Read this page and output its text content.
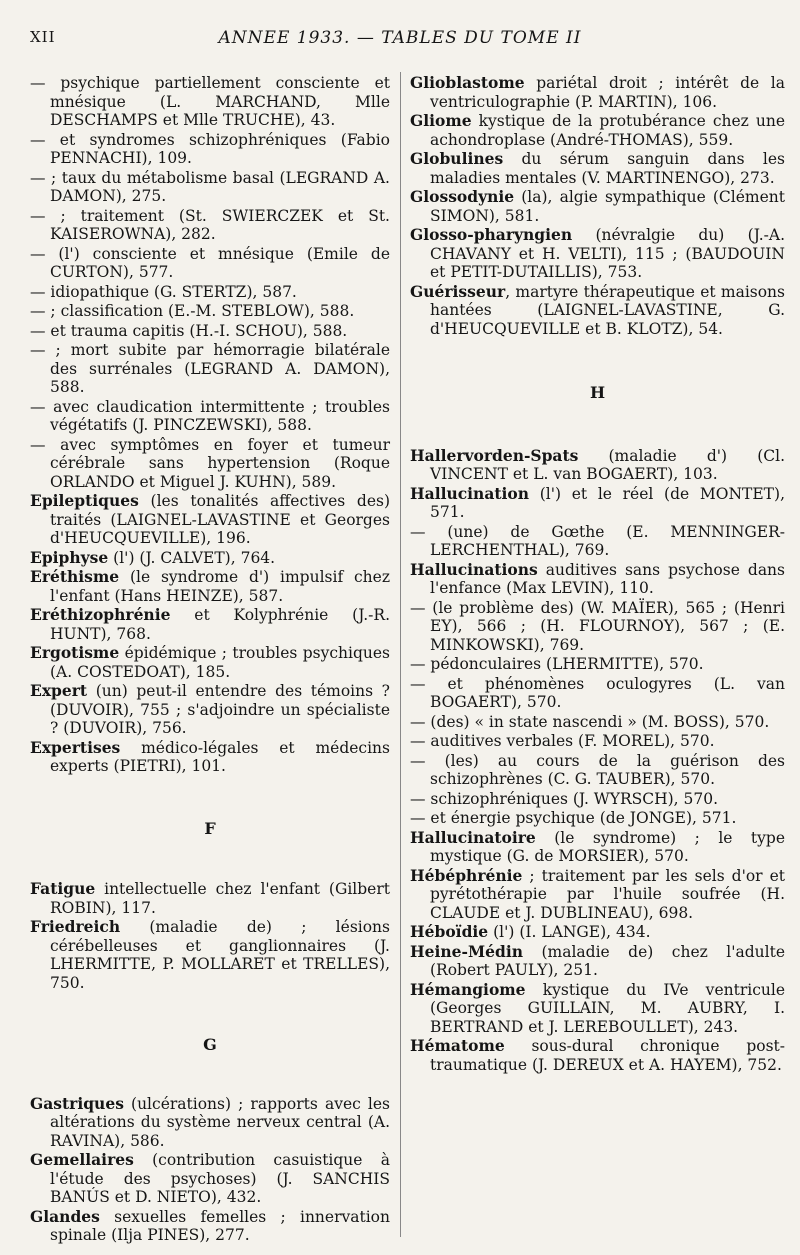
XII	ANNEE 1933. — TABLES DU TOME II

— psychique partiellement consciente et mnésique (L. MARCHAND, Mlle DESCHAMPS et Mlle TRUCHE), 43.

— et syndromes schizophréniques (Fabio PENNACHI), 109.

— ; taux du métabolisme basal (LEGRAND A. DAMON), 275.

— ; traitement (St. SWIERCZEK et St. KAISEROWNA), 282.

— (l') consciente et mnésique (Emile de CURTON), 577.

— idiopathique (G. STERTZ), 587.

— ; classification (E.-M. STEBLOW), 588.

— et trauma capitis (H.-I. SCHOU), 588.

— ; mort subite par hémorragie bilatérale des surrénales (LEGRAND A. DAMON), 588.

— avec claudication intermittente ; troubles végétatifs (J. PINCZEWSKI), 588.

— avec symptômes en foyer et tumeur cérébrale sans hypertension (Roque ORLANDO et Miguel J. KUHN), 589.

Epileptiques (les tonalités affectives des) traités (LAIGNEL-LAVASTINE et Georges d'HEUCQUEVILLE), 196.

Epiphyse (l') (J. CALVET), 764.

Eréthisme (le syndrome d') impulsif chez l'enfant (Hans HEINZE), 587.

Eréthizophrénie et Kolyphrénie (J.-R. HUNT), 768.

Ergotisme épidémique ; troubles psychiques (A. COSTEDOAT), 185.

Expert (un) peut-il entendre des témoins ? (DUVOIR), 755 ; s'adjoindre un spécialiste ? (DUVOIR), 756.

Expertises médico-légales et médecins experts (PIETRI), 101.

F

Fatigue intellectuelle chez l'enfant (Gilbert ROBIN), 117.

Friedreich (maladie de) ; lésions cérébelleuses et ganglionnaires (J. LHERMITTE, P. MOLLARET et TRELLES), 750.

G

Gastriques (ulcérations) ; rapports avec les altérations du système nerveux central (A. RAVINA), 586.

Gemellaires (contribution casuistique à l'étude des psychoses) (J. SANCHIS BANÚS et D. NIETO), 432.

Glandes sexuelles femelles ; innervation spinale (Ilja PINES), 277.

Glioblastome pariétal droit ; intérêt de la ventriculographie (P. MARTIN), 106.

Gliome kystique de la protubérance chez une achondroplase (André-THOMAS), 559.

Globulines du sérum sanguin dans les maladies mentales (V. MARTINENGO), 273.

Glossodynie (la), algie sympathique (Clément SIMON), 581.

Glosso-pharyngien (névralgie du) (J.-A. CHAVANY et H. VELTI), 115 ; (BAUDOUIN et PETIT-DUTAILLIS), 753.

Guérisseur, martyre thérapeutique et maisons hantées (LAIGNEL-LAVASTINE, G. d'HEUCQUEVILLE et B. KLOTZ), 54.

H

Hallervorden-Spats (maladie d') (Cl. VINCENT et L. van BOGAERT), 103.

Hallucination (l') et le réel (de MONTET), 571.

— (une) de Gœthe (E. MENNINGER-LERCHENTHAL), 769.

Hallucinations auditives sans psychose dans l'enfance (Max LEVIN), 110.

— (le problème des) (W. MAÏER), 565 ; (Henri EY), 566 ; (H. FLOURNOY), 567 ; (E. MINKOWSKI), 769.

— pédonculaires (LHERMITTE), 570.

— et phénomènes oculogyres (L. van BOGAERT), 570.

— (des) « in state nascendi » (M. BOSS), 570.

— auditives verbales (F. MOREL), 570.

— (les) au cours de la guérison des schizophrènes (C. G. TAUBER), 570.

— schizophréniques (J. WYRSCH), 570.

— et énergie psychique (de JONGE), 571.

Hallucinatoire (le syndrome) ; le type mystique (G. de MORSIER), 570.

Hébéphrénie ; traitement par les sels d'or et pyrétothérapie par l'huile soufrée (H. CLAUDE et J. DUBLINEAU), 698.

Héboïdie (l') (I. LANGE), 434.

Heine-Médin (maladie de) chez l'adulte (Robert PAULY), 251.

Hémangiome kystique du IVe ventricule (Georges GUILLAIN, M. AUBRY, I. BERTRAND et J. LEREBOULLET), 243.

Hématome sous-dural chronique post-traumatique (J. DEREUX et A. HAYEM), 752.
